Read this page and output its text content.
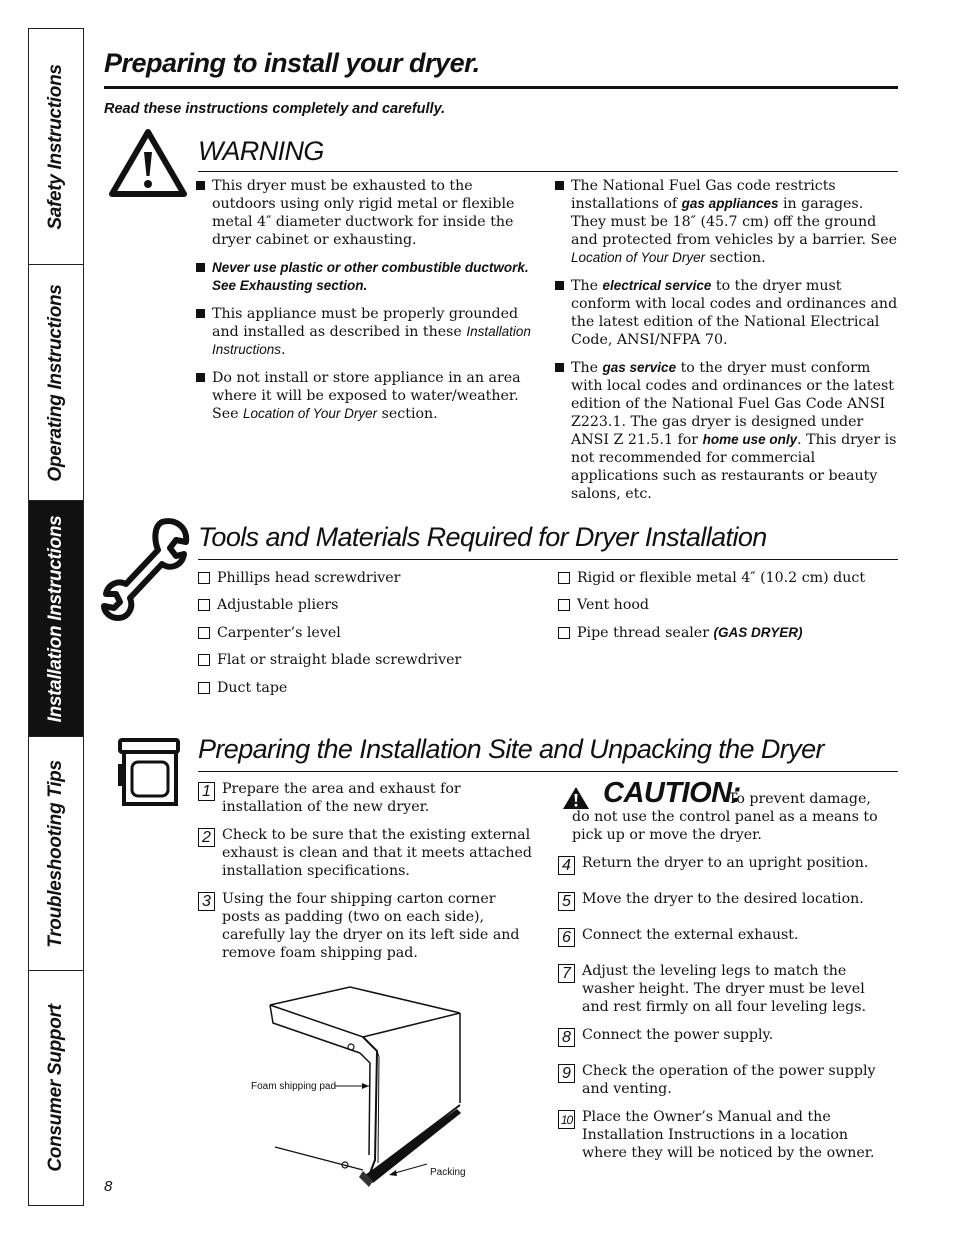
Safety Instructions
Operating Instructions
Installation Instructions
Troubleshooting Tips
Consumer Support
Preparing to install your dryer.
Read these instructions completely and carefully.
WARNING
This dryer must be exhausted to the outdoors using only rigid metal or flexible metal 4″ diameter ductwork for inside the dryer cabinet or exhausting.
Never use plastic or other combustible ductwork. See Exhausting section.
This appliance must be properly grounded and installed as described in these Installation Instructions.
Do not install or store appliance in an area where it will be exposed to water/weather. See Location of Your Dryer section.
The National Fuel Gas code restricts installations of gas appliances in garages. They must be 18″ (45.7 cm) off the ground and protected from vehicles by a barrier. See Location of Your Dryer section.
The electrical service to the dryer must conform with local codes and ordinances and the latest edition of the National Electrical Code, ANSI/NFPA 70.
The gas service to the dryer must conform with local codes and ordinances or the latest edition of the National Fuel Gas Code ANSI Z223.1. The gas dryer is designed under ANSI Z 21.5.1 for home use only. This dryer is not recommended for commercial applications such as restaurants or beauty salons, etc.
Tools and Materials Required for Dryer Installation
Phillips head screwdriver
Adjustable pliers
Carpenter’s level
Flat or straight blade screwdriver
Duct tape
Rigid or flexible metal 4″ (10.2 cm) duct
Vent hood
Pipe thread sealer (GAS DRYER)
Preparing the Installation Site and Unpacking the Dryer
1 Prepare the area and exhaust for installation of the new dryer.
2 Check to be sure that the existing external exhaust is clean and that it meets attached installation specifications.
3 Using the four shipping carton corner posts as padding (two on each side), carefully lay the dryer on its left side and remove foam shipping pad.
Foam shipping pad
Packing
CAUTION:
To prevent damage, do not use the control panel as a means to pick up or move the dryer.
4 Return the dryer to an upright position.
5 Move the dryer to the desired location.
6 Connect the external exhaust.
7 Adjust the leveling legs to match the washer height. The dryer must be level and rest firmly on all four leveling legs.
8 Connect the power supply.
9 Check the operation of the power supply and venting.
10 Place the Owner’s Manual and the Installation Instructions in a location where they will be noticed by the owner.
8
